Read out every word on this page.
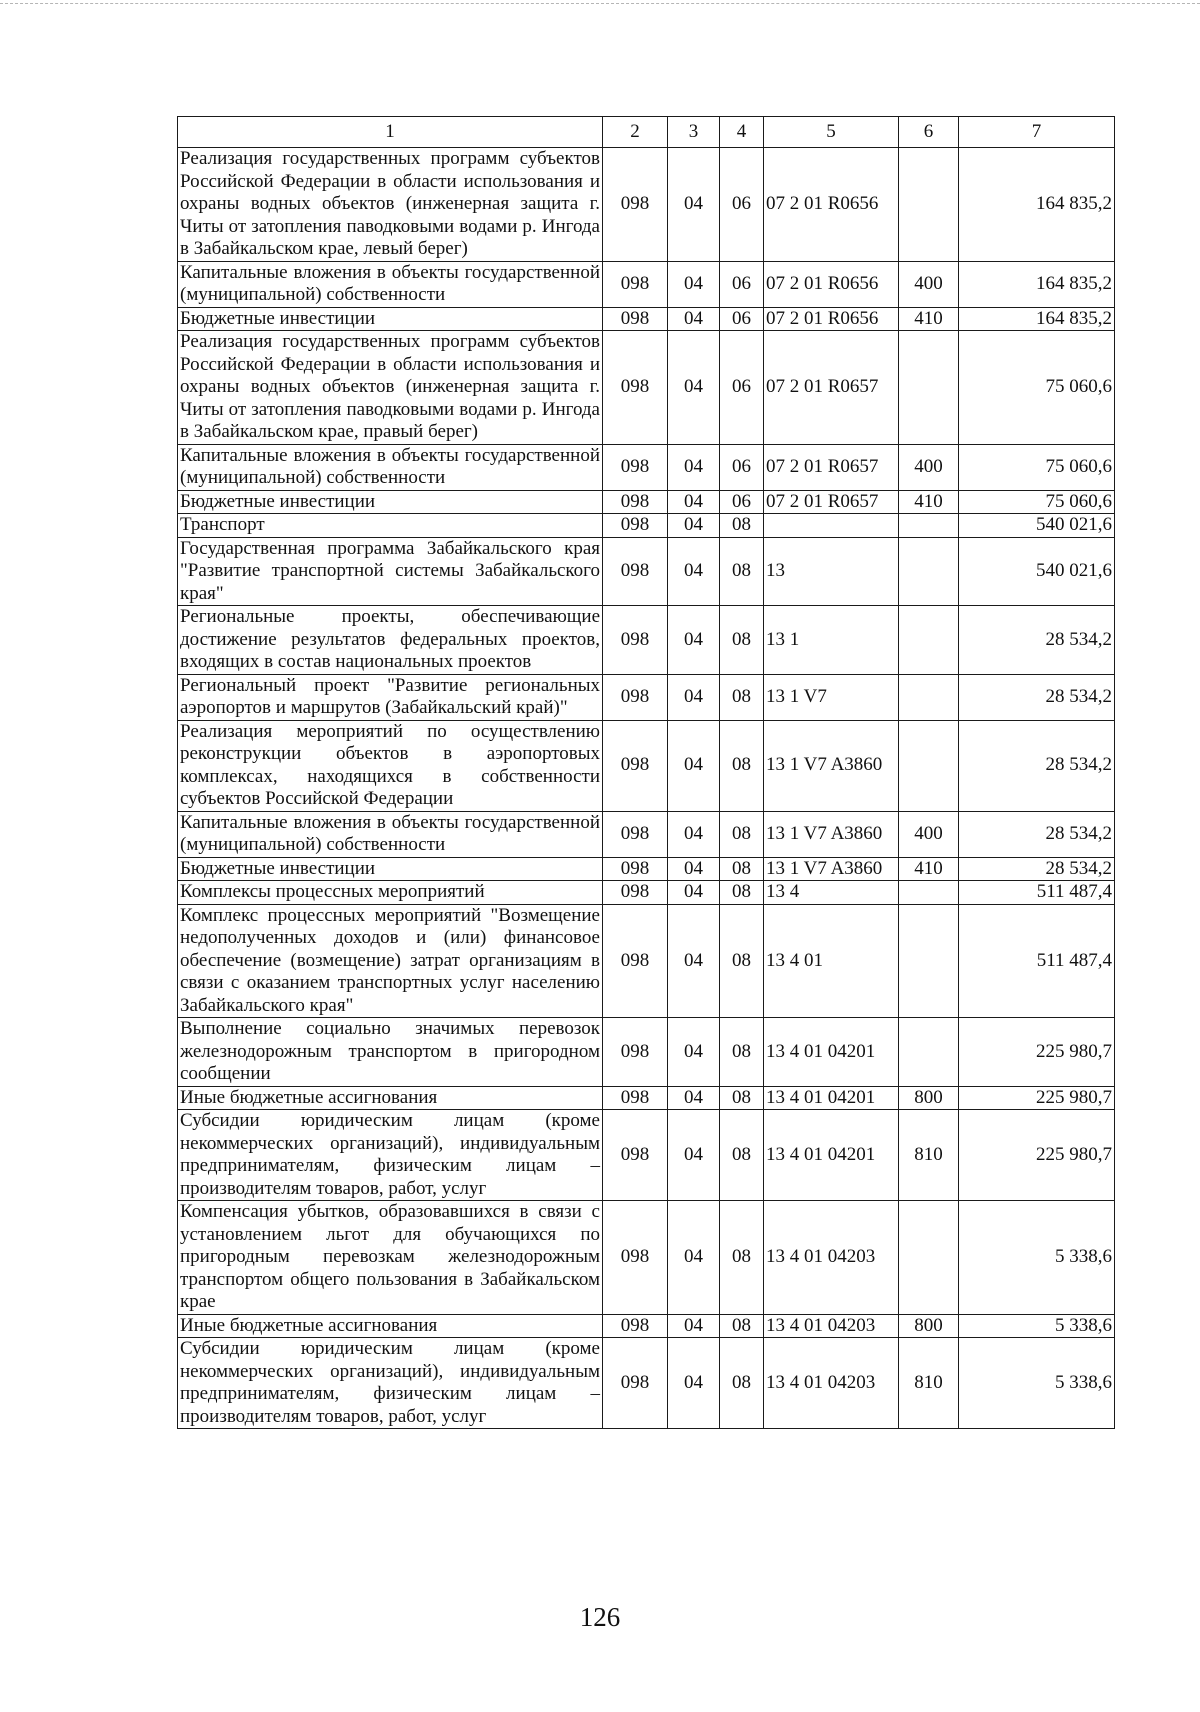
1	2	3	4	5	6	7
Реализация государственных программ субъектов Российской Федерации в области использования и охраны водных объектов (инженерная защита г. Читы от затопления паводковыми водами р. Ингода в Забайкальском крае, левый берег)	098	04	06	07 2 01 R0656		164 835,2
Капитальные вложения в объекты государственной (муниципальной) собственности	098	04	06	07 2 01 R0656	400	164 835,2
Бюджетные инвестиции	098	04	06	07 2 01 R0656	410	164 835,2
Реализация государственных программ субъектов Российской Федерации в области использования и охраны водных объектов (инженерная защита г. Читы от затопления паводковыми водами р. Ингода в Забайкальском крае, правый берег)	098	04	06	07 2 01 R0657		75 060,6
Капитальные вложения в объекты государственной (муниципальной) собственности	098	04	06	07 2 01 R0657	400	75 060,6
Бюджетные инвестиции	098	04	06	07 2 01 R0657	410	75 060,6
Транспорт	098	04	08			540 021,6
Государственная программа Забайкальского края "Развитие транспортной системы Забайкальского края"	098	04	08	13		540 021,6
Региональные проекты, обеспечивающие достижение результатов федеральных проектов, входящих в состав национальных проектов	098	04	08	13 1		28 534,2
Региональный проект "Развитие региональных аэропортов и маршрутов (Забайкальский край)"	098	04	08	13 1 V7		28 534,2
Реализация мероприятий по осуществлению реконструкции объектов в аэропортовых комплексах, находящихся в собственности субъектов Российской Федерации	098	04	08	13 1 V7 A3860		28 534,2
Капитальные вложения в объекты государственной (муниципальной) собственности	098	04	08	13 1 V7 A3860	400	28 534,2
Бюджетные инвестиции	098	04	08	13 1 V7 A3860	410	28 534,2
Комплексы процессных мероприятий	098	04	08	13 4		511 487,4
Комплекс процессных мероприятий "Возмещение недополученных доходов и (или) финансовое обеспечение (возмещение) затрат организациям в связи с оказанием транспортных услуг населению Забайкальского края"	098	04	08	13 4 01		511 487,4
Выполнение социально значимых перевозок железнодорожным транспортом в пригородном сообщении	098	04	08	13 4 01 04201		225 980,7
Иные бюджетные ассигнования	098	04	08	13 4 01 04201	800	225 980,7
Субсидии юридическим лицам (кроме некоммерческих организаций), индивидуальным предпринимателям, физическим лицам – производителям товаров, работ, услуг	098	04	08	13 4 01 04201	810	225 980,7
Компенсация убытков, образовавшихся в связи с установлением льгот для обучающихся по пригородным перевозкам железнодорожным транспортом общего пользования в Забайкальском крае	098	04	08	13 4 01 04203		5 338,6
Иные бюджетные ассигнования	098	04	08	13 4 01 04203	800	5 338,6
Субсидии юридическим лицам (кроме некоммерческих организаций), индивидуальным предпринимателям, физическим лицам – производителям товаров, работ, услуг	098	04	08	13 4 01 04203	810	5 338,6
126
